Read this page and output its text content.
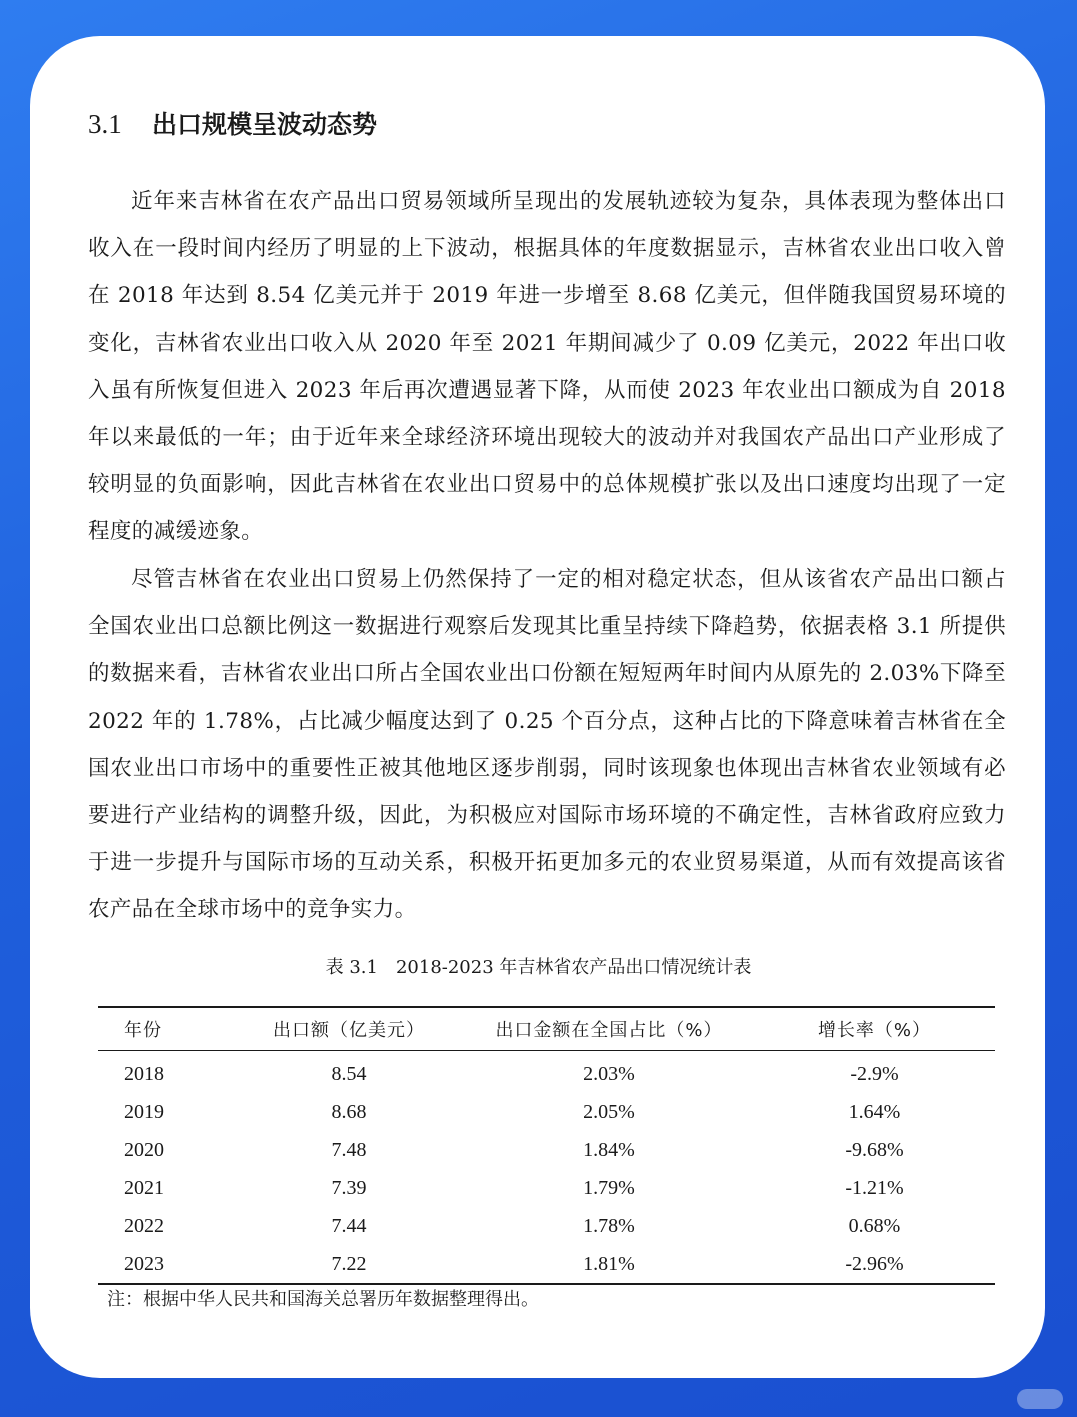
3.1 出口规模呈波动态势

近年来吉林省在农产品出口贸易领域所呈现出的发展轨迹较为复杂，具体表现为整体出口收入在一段时间内经历了明显的上下波动，根据具体的年度数据显示，吉林省农业出口收入曾在 2018 年达到 8.54 亿美元并于 2019 年进一步增至 8.68 亿美元，但伴随我国贸易环境的变化，吉林省农业出口收入从 2020 年至 2021 年期间减少了 0.09 亿美元，2022 年出口收入虽有所恢复但进入 2023 年后再次遭遇显著下降，从而使 2023 年农业出口额成为自 2018 年以来最低的一年；由于近年来全球经济环境出现较大的波动并对我国农产品出口产业形成了较明显的负面影响，因此吉林省在农业出口贸易中的总体规模扩张以及出口速度均出现了一定程度的减缓迹象。

尽管吉林省在农业出口贸易上仍然保持了一定的相对稳定状态，但从该省农产品出口额占全国农业出口总额比例这一数据进行观察后发现其比重呈持续下降趋势，依据表格 3.1 所提供的数据来看，吉林省农业出口所占全国农业出口份额在短短两年时间内从原先的 2.03%下降至 2022 年的 1.78%，占比减少幅度达到了 0.25 个百分点，这种占比的下降意味着吉林省在全国农业出口市场中的重要性正被其他地区逐步削弱，同时该现象也体现出吉林省农业领域有必要进行产业结构的调整升级，因此，为积极应对国际市场环境的不确定性，吉林省政府应致力于进一步提升与国际市场的互动关系，积极开拓更加多元的农业贸易渠道，从而有效提高该省农产品在全球市场中的竞争实力。

表 3.1　2018-2023 年吉林省农产品出口情况统计表
年份	出口额（亿美元）	出口金额在全国占比（%）	增长率（%）
2018	8.54	2.03%	-2.9%
2019	8.68	2.05%	1.64%
2020	7.48	1.84%	-9.68%
2021	7.39	1.79%	-1.21%
2022	7.44	1.78%	0.68%
2023	7.22	1.81%	-2.96%
注：根据中华人民共和国海关总署历年数据整理得出。
